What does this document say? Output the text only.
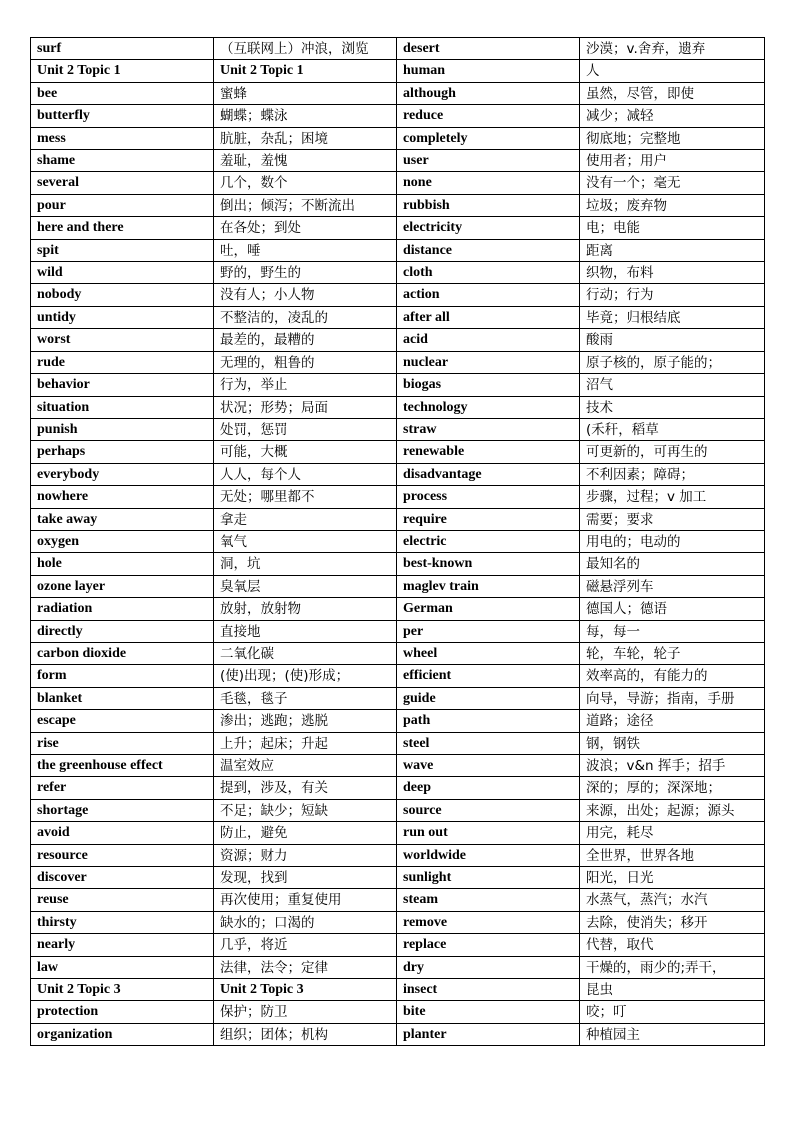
surf	（互联网上）冲浪，浏览	desert	沙漠；v.舍弃，遗弃
Unit 2 Topic 1	Unit 2 Topic 1	human	人
bee	蜜蜂	although	虽然，尽管，即使
butterfly	蝴蝶；蝶泳	reduce	减少；减轻
mess	肮脏，杂乱；困境	completely	彻底地；完整地
shame	羞耻，羞愧	user	使用者；用户
several	几个，数个	none	没有一个；毫无
pour	倒出；倾泻；不断流出	rubbish	垃圾；废弃物
here and there	在各处；到处	electricity	电；电能
spit	吐，唾	distance	距离
wild	野的，野生的	cloth	织物，布料
nobody	没有人；小人物	action	行动；行为
untidy	不整洁的，凌乱的	after all	毕竟；归根结底
worst	最差的，最糟的	acid	酸雨
rude	无理的，粗鲁的	nuclear	原子核的，原子能的；
behavior	行为，举止	biogas	沼气
situation	状况；形势；局面	technology	技术
punish	处罚，惩罚	straw	(禾秆，稻草
perhaps	可能，大概	renewable	可更新的，可再生的
everybody	人人，每个人	disadvantage	不利因素；障碍；
nowhere	无处；哪里都不	process	步骤，过程；v 加工
take away	拿走	require	需要；要求
oxygen	氧气	electric	用电的；电动的
hole	洞，坑	best-known	最知名的
ozone layer	臭氧层	maglev train	磁悬浮列车
radiation	放射，放射物	German	德国人；德语
directly	直接地	per	每，每一
carbon dioxide	二氧化碳	wheel	轮，车轮，轮子
form	(使)出现；(使)形成；	efficient	效率高的，有能力的
blanket	毛毯，毯子	guide	向导，导游；指南，手册
escape	渗出；逃跑；逃脱	path	道路；途径
rise	上升；起床；升起	steel	钢，钢铁
the greenhouse effect	温室效应	wave	波浪；v&n 挥手；招手
refer	提到，涉及，有关	deep	深的；厚的；深深地；
shortage	不足；缺少；短缺	source	来源，出处；起源；源头
avoid	防止，避免	run out	用完，耗尽
resource	资源；财力	worldwide	全世界，世界各地
discover	发现，找到	sunlight	阳光，日光
reuse	再次使用；重复使用	steam	水蒸气，蒸汽；水汽
thirsty	缺水的；口渴的	remove	去除，使消失；移开
nearly	几乎，将近	replace	代替，取代
law	法律，法令；定律	dry	干燥的，雨少的;弄干，
Unit 2 Topic 3	Unit 2 Topic 3	insect	昆虫
protection	保护；防卫	bite	咬；叮
organization	组织；团体；机构	planter	种植园主
